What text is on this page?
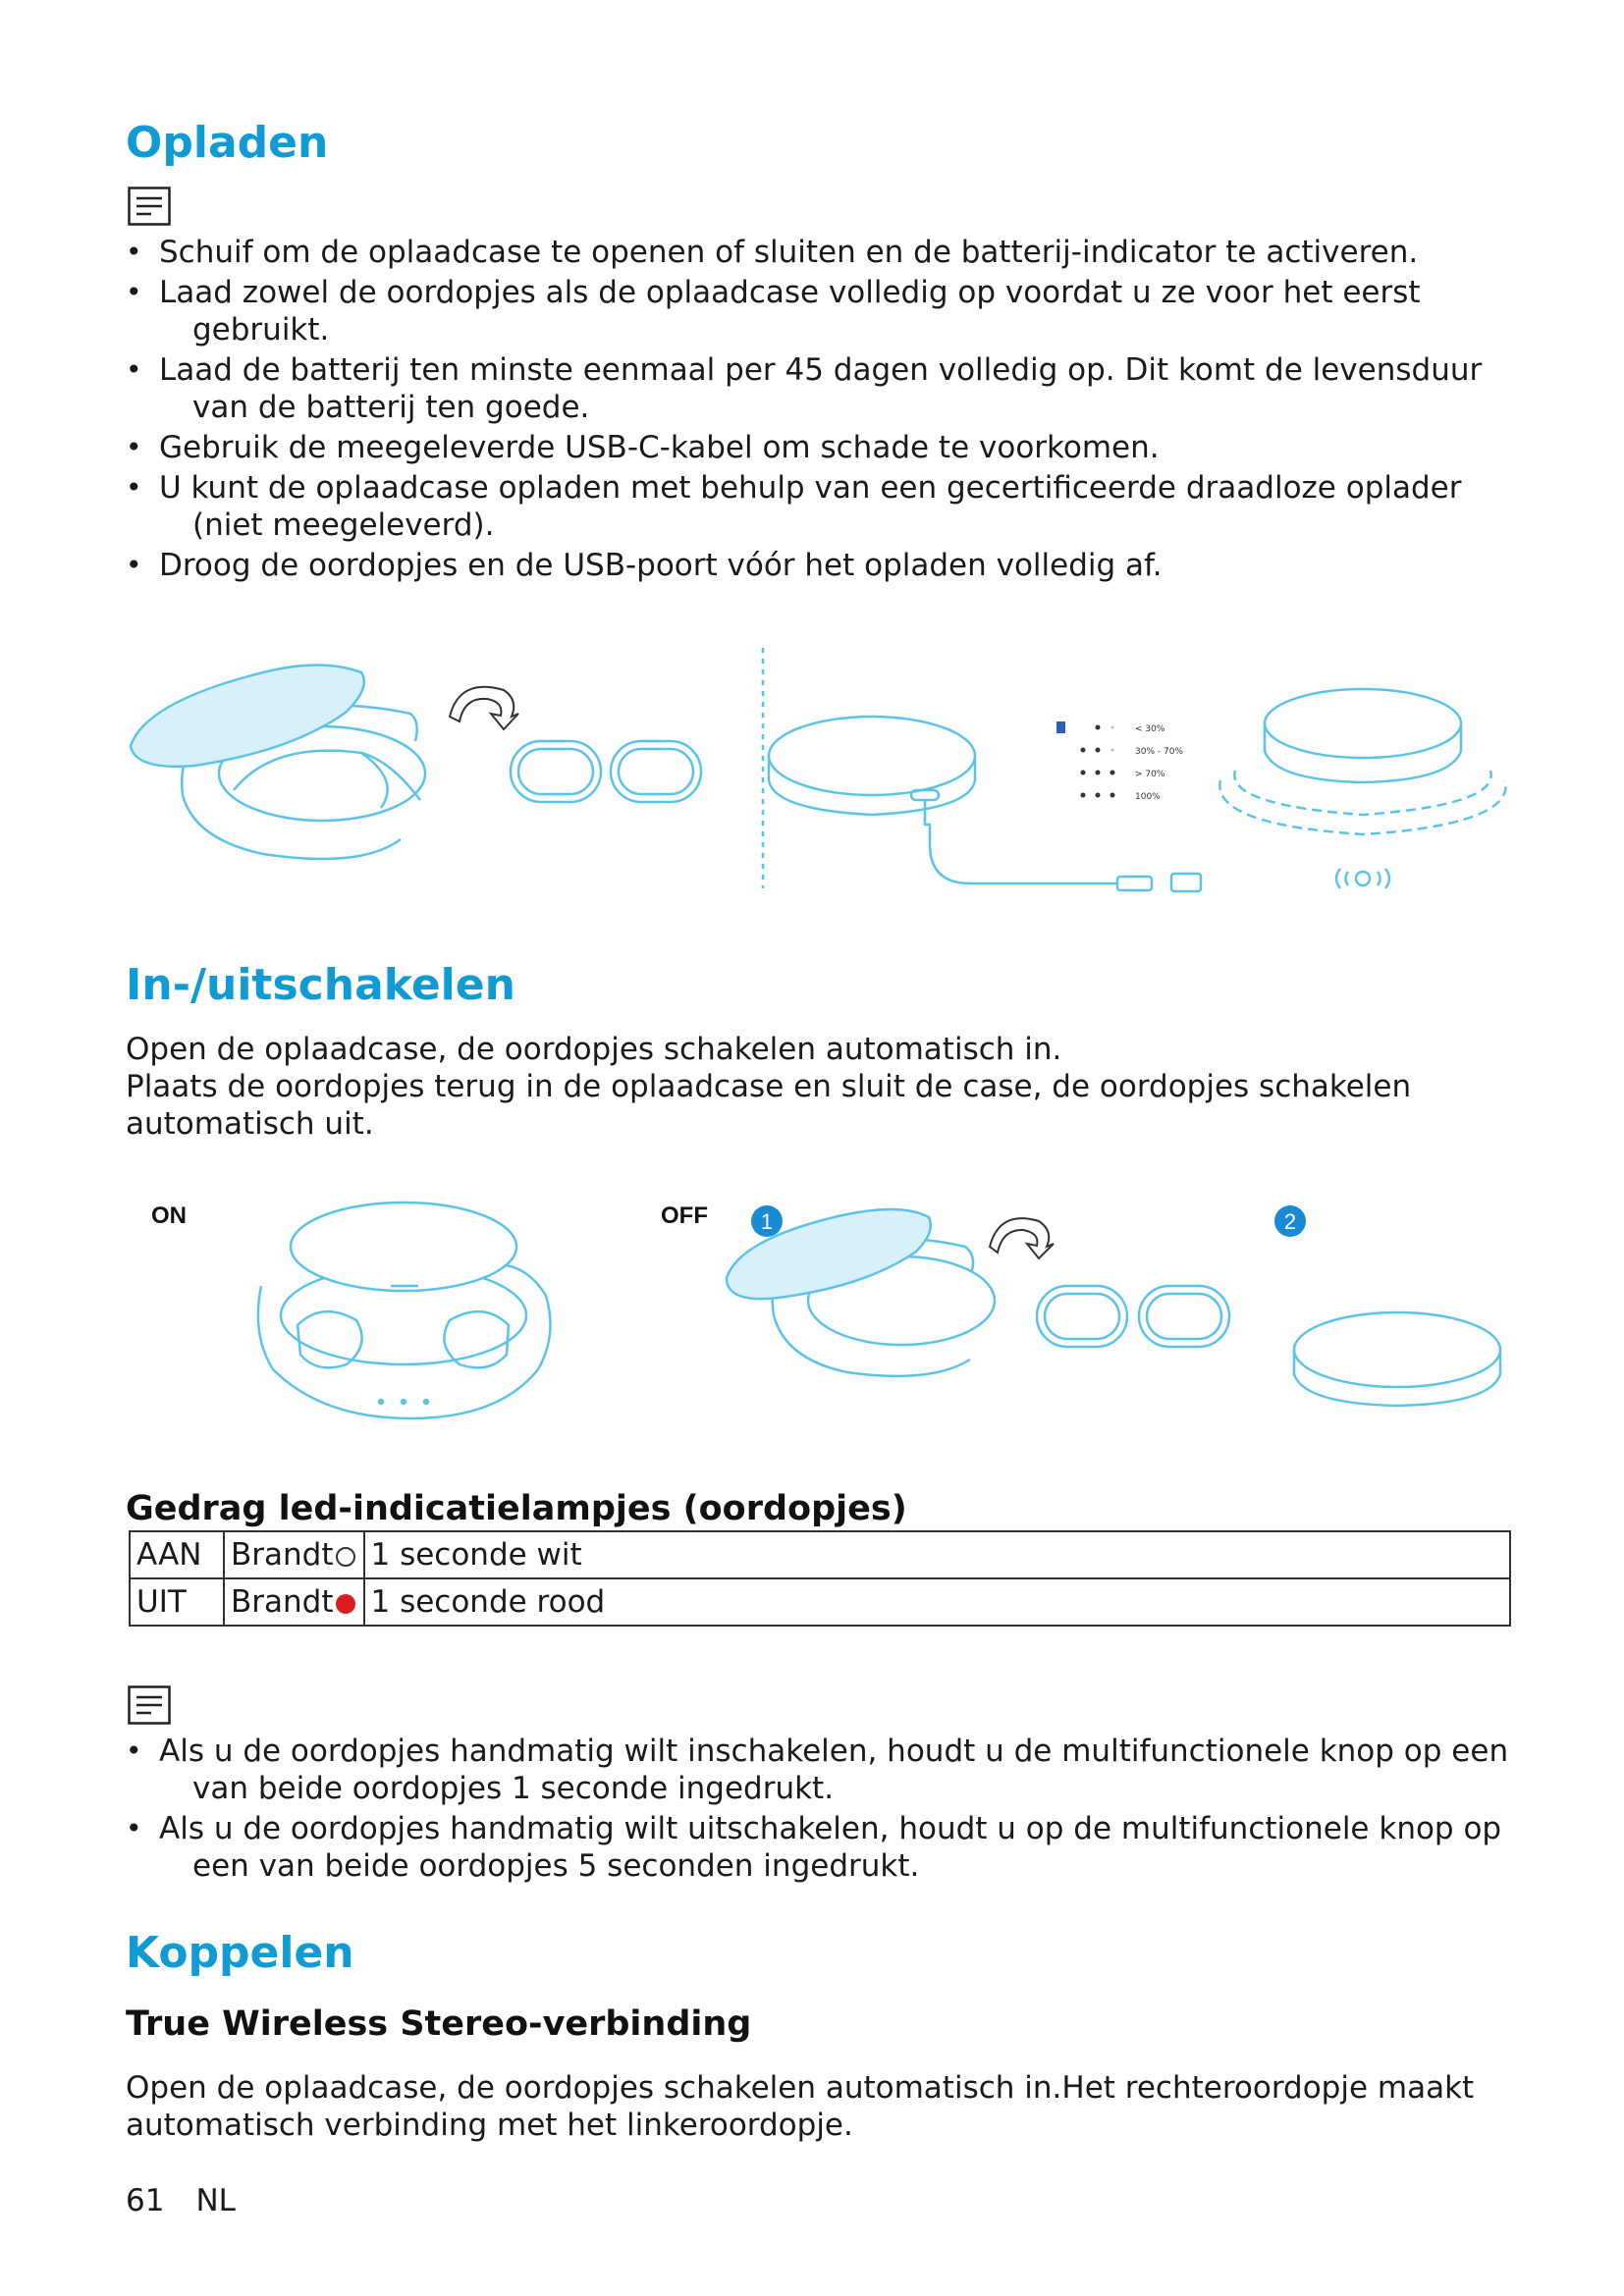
Opladen
• Schuif om de oplaadcase te openen of sluiten en de batterij-indicator te activeren.
• Laad zowel de oordopjes als de oplaadcase volledig op voordat u ze voor het eerst gebruikt.
• Laad de batterij ten minste eenmaal per 45 dagen volledig op. Dit komt de levensduur van de batterij ten goede.
• Gebruik de meegeleverde USB-C-kabel om schade te voorkomen.
• U kunt de oplaadcase opladen met behulp van een gecertificeerde draadloze oplader (niet meegeleverd).
• Droog de oordopjes en de USB-poort vóór het opladen volledig af.
< 30%
30% - 70%
> 70%
100%
In-/uitschakelen

Open de oplaadcase, de oordopjes schakelen automatisch in.

Plaats de oordopjes terug in de oplaadcase en sluit de case, de oordopjes schakelen automatisch uit.

ON	OFF 1	2
Gedrag led-indicatielampjes (oordopjes)
AAN	Brandt	1 seconde wit
UIT	Brandt	1 seconde rood
• Als u de oordopjes handmatig wilt inschakelen, houdt u de multifunctionele knop op een van beide oordopjes 1 seconde ingedrukt.
• Als u de oordopjes handmatig wilt uitschakelen, houdt u op de multifunctionele knop op een van beide oordopjes 5 seconden ingedrukt.
Koppelen
True Wireless Stereo-verbinding

Open de oplaadcase, de oordopjes schakelen automatisch in.Het rechteroordopje maakt automatisch verbinding met het linkeroordopje.

61 NL
